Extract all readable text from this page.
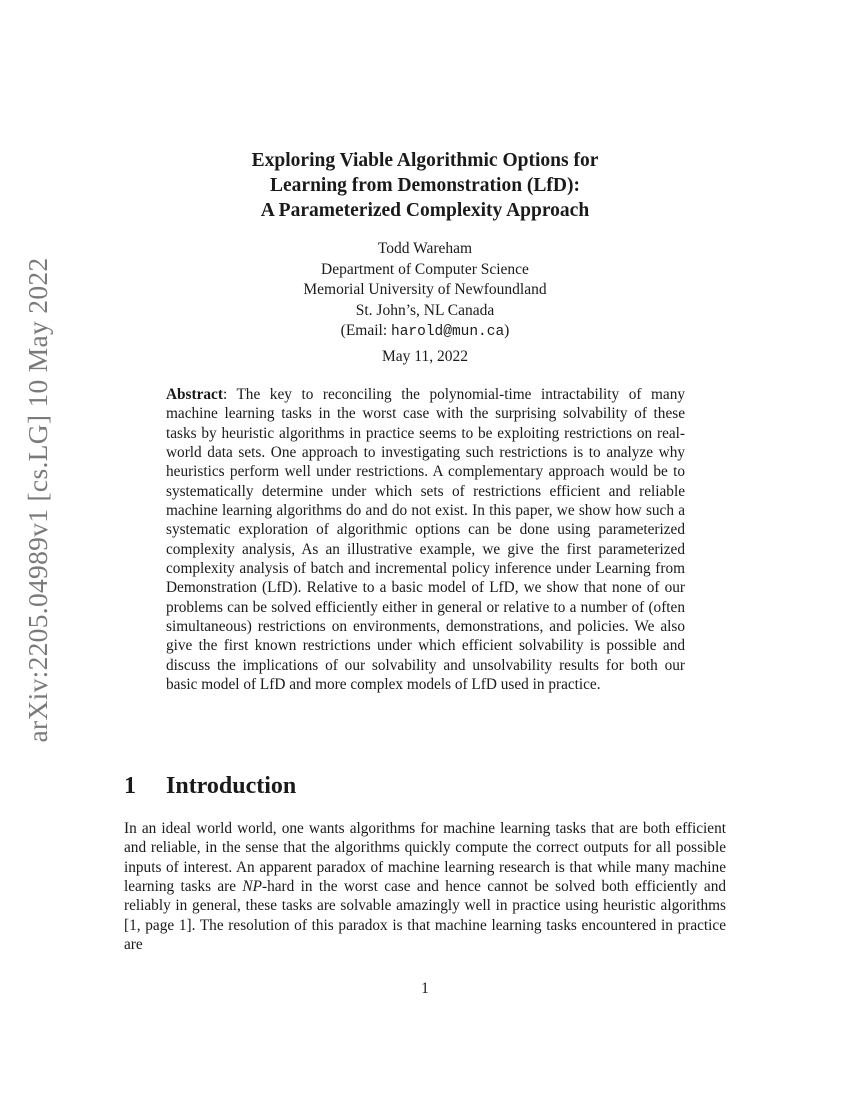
arXiv:2205.04989v1 [cs.LG] 10 May 2022
Exploring Viable Algorithmic Options for
Learning from Demonstration (LfD):
A Parameterized Complexity Approach
Todd Wareham
Department of Computer Science
Memorial University of Newfoundland
St. John’s, NL Canada
(Email: harold@mun.ca)
May 11, 2022
Abstract: The key to reconciling the polynomial-time intractability of many machine learning tasks in the worst case with the surprising solvability of these tasks by heuristic algorithms in practice seems to be exploiting restrictions on real-world data sets. One approach to investigating such restrictions is to analyze why heuristics perform well under restrictions. A complementary approach would be to systematically determine under which sets of restrictions efficient and reliable machine learning algorithms do and do not exist. In this paper, we show how such a systematic exploration of algorithmic options can be done using parameterized complexity analysis, As an illustrative example, we give the first parameterized complexity analysis of batch and incremental policy inference under Learning from Demonstration (LfD). Relative to a basic model of LfD, we show that none of our problems can be solved efficiently either in general or relative to a number of (often simultaneous) restrictions on environments, demonstrations, and policies. We also give the first known restrictions under which efficient solvability is possible and discuss the implications of our solvability and unsolvability results for both our basic model of LfD and more complex models of LfD used in practice.
1 Introduction
In an ideal world world, one wants algorithms for machine learning tasks that are both efficient and reliable, in the sense that the algorithms quickly compute the correct outputs for all possible inputs of interest. An apparent paradox of machine learning research is that while many machine learning tasks are NP-hard in the worst case and hence cannot be solved both efficiently and reliably in general, these tasks are solvable amazingly well in practice using heuristic algorithms [1, page 1]. The resolution of this paradox is that machine learning tasks encountered in practice are
1
